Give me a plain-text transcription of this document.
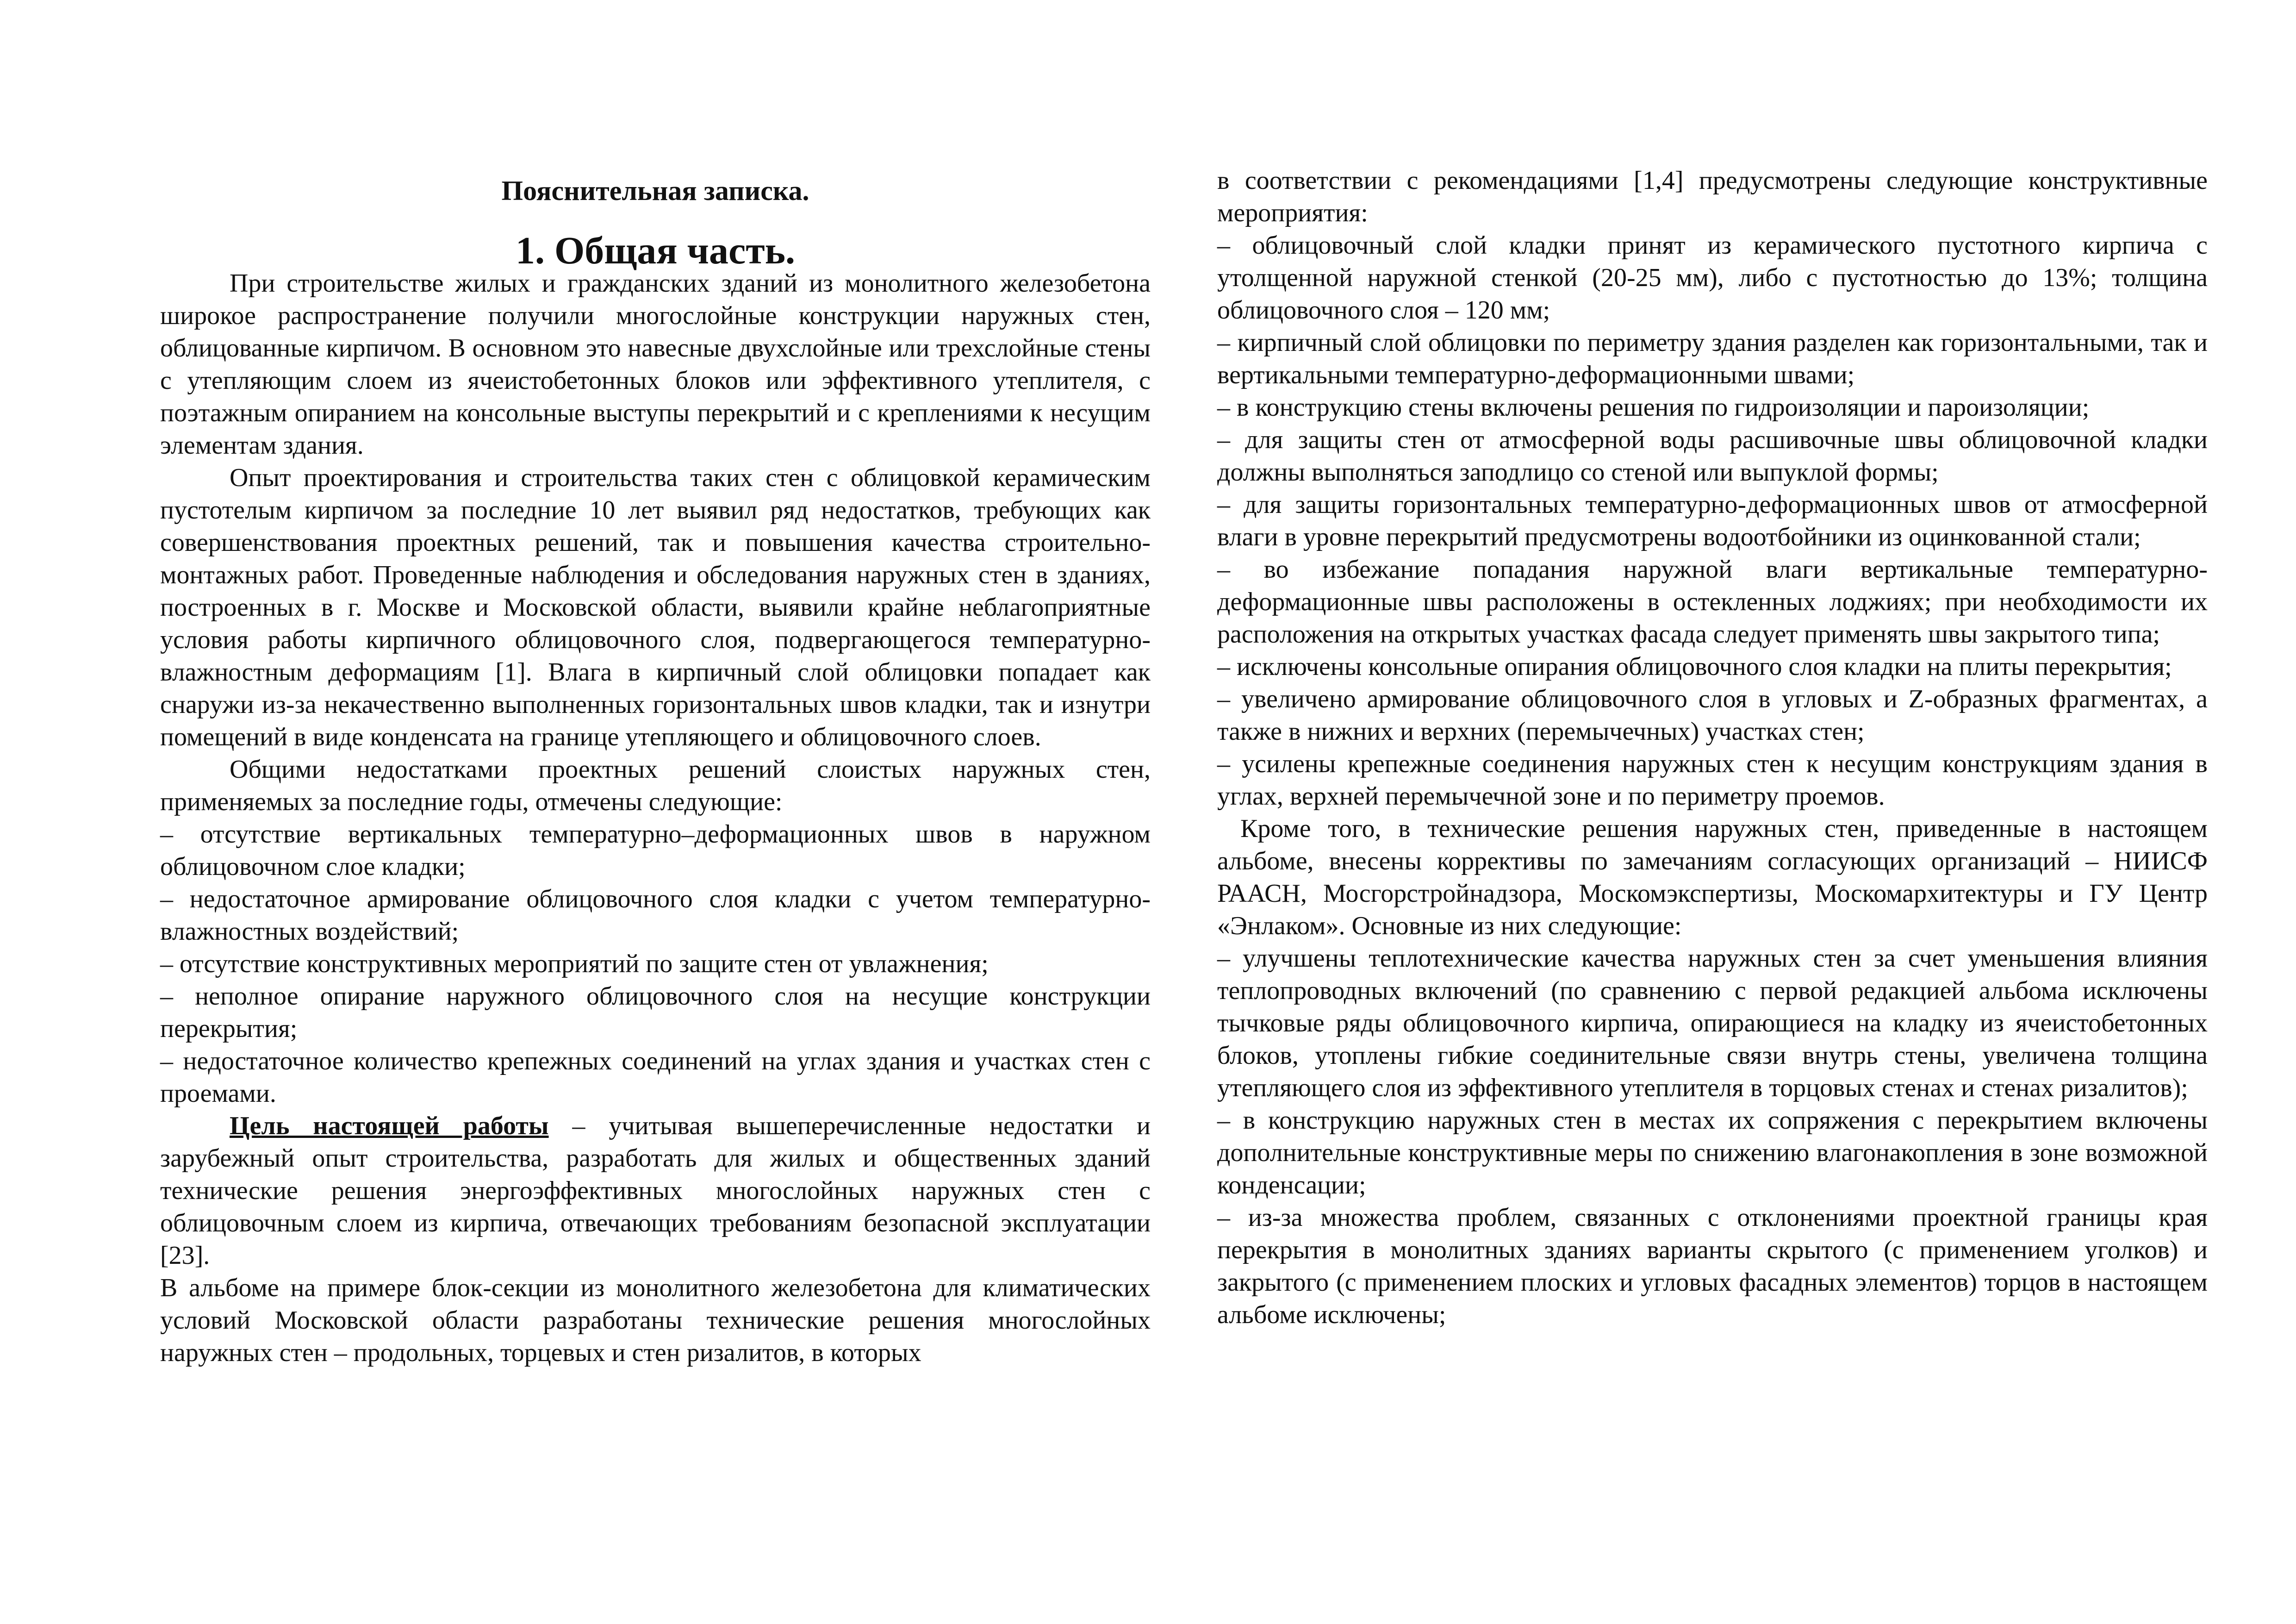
Пояснительная записка.
1. Общая часть.

При строительстве жилых и гражданских зданий из монолитного железобетона широкое распространение получили многослойные конструкции наружных стен, облицованные кирпичом. В основном это навесные двухслойные или трехслойные стены с утепляющим слоем из ячеистобетонных блоков или эффективного утеплителя, с поэтажным опиранием на консольные выступы перекрытий и с креплениями к несущим элементам здания.

Опыт проектирования и строительства таких стен с облицовкой керамическим пустотелым кирпичом за последние 10 лет выявил ряд недостатков, требующих как совершенствования проектных решений, так и повышения качества строительно-монтажных работ. Проведенные наблюдения и обследования наружных стен в зданиях, построенных в г. Москве и Московской области, выявили крайне неблагоприятные условия работы кирпичного облицовочного слоя, подвергающегося температурно- влажностным деформациям [1]. Влага в кирпичный слой облицовки попадает как снаружи из-за некачественно выполненных горизонтальных швов кладки, так и изнутри помещений в виде конденсата на границе утепляющего и облицовочного слоев.

Общими недостатками проектных решений слоистых наружных стен, применяемых за последние годы, отмечены следующие:

– отсутствие вертикальных температурно–деформационных швов в наружном облицовочном слое кладки;

– недостаточное армирование облицовочного слоя кладки с учетом температурно-влажностных воздействий;

– отсутствие конструктивных мероприятий по защите стен от увлажнения;

– неполное опирание наружного облицовочного слоя на несущие конструкции перекрытия;

– недостаточное количество крепежных соединений на углах здания и участках стен с проемами.

Цель настоящей работы – учитывая вышеперечисленные недостатки и зарубежный опыт строительства, разработать для жилых и общественных зданий технические решения энергоэффективных многослойных наружных стен с облицовочным слоем из кирпича, отвечающих требованиям безопасной эксплуатации [23].

В альбоме на примере блок-секции из монолитного железобетона для климатических условий Московской области разработаны технические решения многослойных наружных стен – продольных, торцевых и стен ризалитов, в которых

в соответствии с рекомендациями [1,4] предусмотрены следующие конструктивные мероприятия:

– облицовочный слой кладки принят из керамического пустотного кирпича с утолщенной наружной стенкой (20-25 мм), либо с пустотностью до 13%; толщина облицовочного слоя – 120 мм;

– кирпичный слой облицовки по периметру здания разделен как горизонтальными, так и вертикальными температурно-деформационными швами;

– в конструкцию стены включены решения по гидроизоляции и пароизоляции;

– для защиты стен от атмосферной воды расшивочные швы облицовочной кладки должны выполняться заподлицо со стеной или выпуклой формы;

– для защиты горизонтальных температурно-деформационных швов от атмосферной влаги в уровне перекрытий предусмотрены водоотбойники из оцинкованной стали;

– во избежание попадания наружной влаги вертикальные температурно-деформационные швы расположены в остекленных лоджиях; при необходимости их расположения на открытых участках фасада следует применять швы закрытого типа;

– исключены консольные опирания облицовочного слоя кладки на плиты перекрытия;

– увеличено армирование облицовочного слоя в угловых и Z-образных фрагментах, а также в нижних и верхних (перемычечных) участках стен;

– усилены крепежные соединения наружных стен к несущим конструкциям здания в углах, верхней перемычечной зоне и по периметру проемов.

Кроме того, в технические решения наружных стен, приведенные в настоящем альбоме, внесены коррективы по замечаниям согласующих организаций – НИИСФ РААСН, Мосгорстройнадзора, Москомэкспертизы, Москомархитектуры и ГУ Центр «Энлаком». Основные из них следующие:

– улучшены теплотехнические качества наружных стен за счет уменьшения влияния теплопроводных включений (по сравнению с первой редакцией альбома исключены тычковые ряды облицовочного кирпича, опирающиеся на кладку из ячеистобетонных блоков, утоплены гибкие соединительные связи внутрь стены, увеличена толщина утепляющего слоя из эффективного утеплителя в торцовых стенах и стенах ризалитов);

– в конструкцию наружных стен в местах их сопряжения с перекрытием включены дополнительные конструктивные меры по снижению влагонакопления в зоне возможной конденсации;

– из-за множества проблем, связанных с отклонениями проектной границы края перекрытия в монолитных зданиях варианты скрытого (с применением уголков) и закрытого (с применением плоских и угловых фасадных элементов) торцов в настоящем альбоме исключены;
